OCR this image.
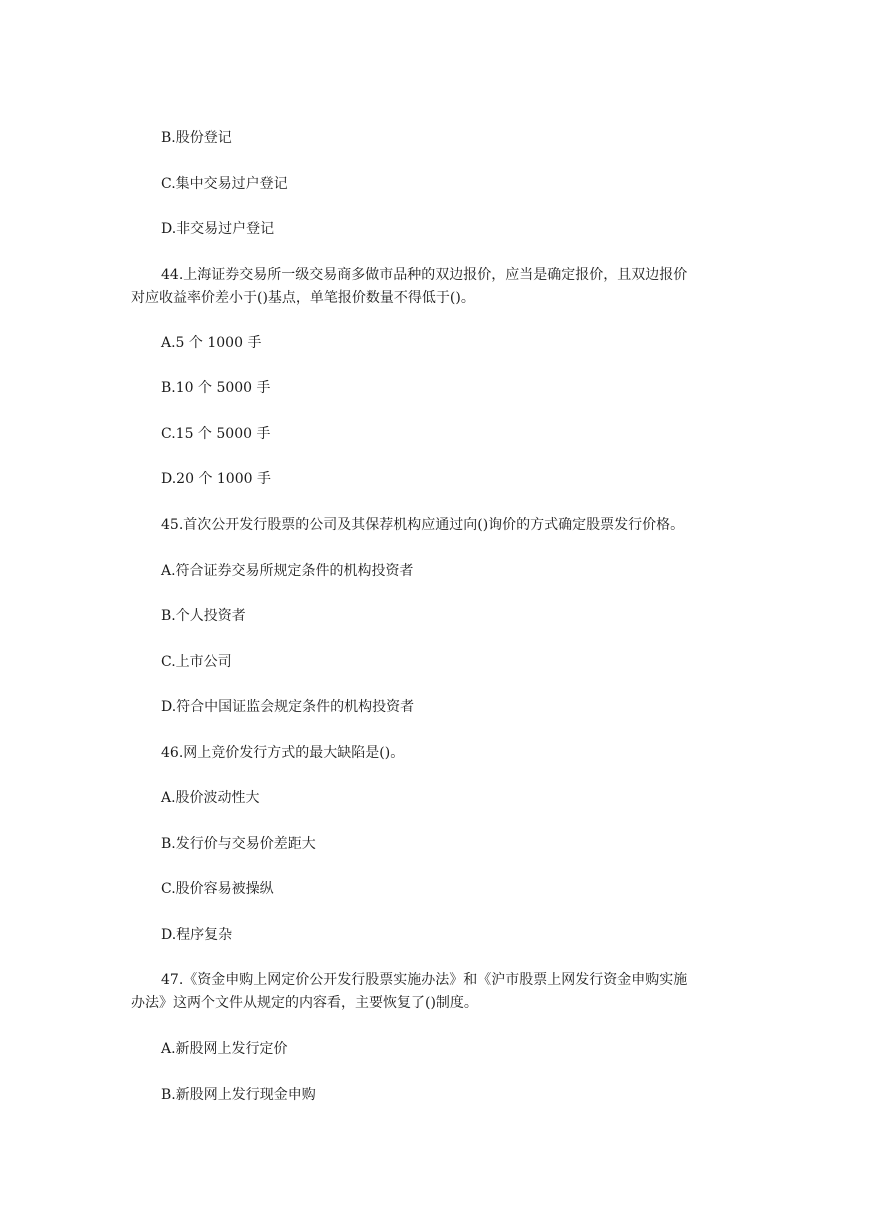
B.股份登记
C.集中交易过户登记
D.非交易过户登记
44.上海证券交易所一级交易商多做市品种的双边报价，应当是确定报价，且双边报价
对应收益率价差小于()基点，单笔报价数量不得低于()。
A.5 个 1000 手
B.10 个 5000 手
C.15 个 5000 手
D.20 个 1000 手
45.首次公开发行股票的公司及其保荐机构应通过向()询价的方式确定股票发行价格。
A.符合证券交易所规定条件的机构投资者
B.个人投资者
C.上市公司
D.符合中国证监会规定条件的机构投资者
46.网上竞价发行方式的最大缺陷是()。
A.股价波动性大
B.发行价与交易价差距大
C.股价容易被操纵
D.程序复杂
47.《资金申购上网定价公开发行股票实施办法》和《沪市股票上网发行资金申购实施
办法》这两个文件从规定的内容看，主要恢复了()制度。
A.新股网上发行定价
B.新股网上发行现金申购
